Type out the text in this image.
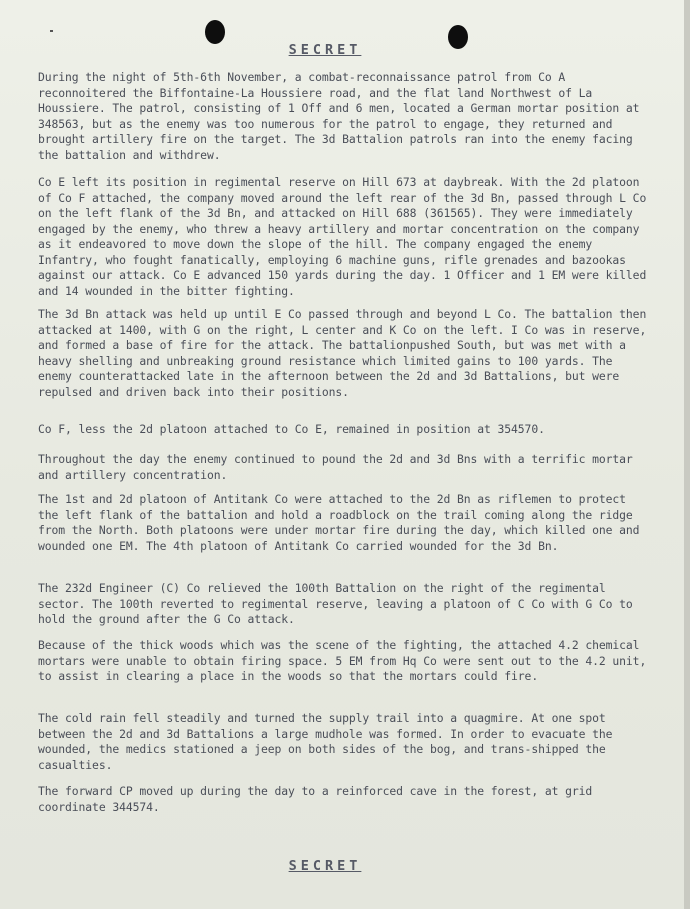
SECRET

During the night of 5th-6th November, a combat-reconnaissance patrol from Co A reconnoitered the Biffontaine-La Houssiere road, and the flat land Northwest of La Houssiere. The patrol, consisting of 1 Off and 6 men, located a German mortar position at 348563, but as the enemy was too numerous for the patrol to engage, they returned and brought artillery fire on the target. The 3d Battalion patrols ran into the enemy facing the battalion and withdrew.

Co E left its position in regimental reserve on Hill 673 at daybreak. With the 2d platoon of Co F attached, the company moved around the left rear of the 3d Bn, passed through L Co on the left flank of the 3d Bn, and attacked on Hill 688 (361565). They were immediately engaged by the enemy, who threw a heavy artillery and mortar concentration on the company as it endeavored to move down the slope of the hill. The company engaged the enemy Infantry, who fought fanatically, employing 6 machine guns, rifle grenades and bazookas against our attack. Co E advanced 150 yards during the day. 1 Officer and 1 EM were killed and 14 wounded in the bitter fighting.

The 3d Bn attack was held up until E Co passed through and beyond L Co. The battalion then attacked at 1400, with G on the right, L center and K Co on the left. I Co was in reserve, and formed a base of fire for the attack. The battalionpushed South, but was met with a heavy shelling and unbreaking ground resistance which limited gains to 100 yards. The enemy counterattacked late in the afternoon between the 2d and 3d Battalions, but were repulsed and driven back into their positions.

Co F, less the 2d platoon attached to Co E, remained in position at 354570.

Throughout the day the enemy continued to pound the 2d and 3d Bns with a terrific mortar and artillery concentration.

The 1st and 2d platoon of Antitank Co were attached to the 2d Bn as riflemen to protect the left flank of the battalion and hold a roadblock on the trail coming along the ridge from the North. Both platoons were under mortar fire during the day, which killed one and wounded one EM. The 4th platoon of Antitank Co carried wounded for the 3d Bn.

The 232d Engineer (C) Co relieved the 100th Battalion on the right of the regimental sector. The 100th reverted to regimental reserve, leaving a platoon of C Co with G Co to hold the ground after the G Co attack.

Because of the thick woods which was the scene of the fighting, the attached 4.2 chemical mortars were unable to obtain firing space. 5 EM from Hq Co were sent out to the 4.2 unit, to assist in clearing a place in the woods so that the mortars could fire.

The cold rain fell steadily and turned the supply trail into a quagmire. At one spot between the 2d and 3d Battalions a large mudhole was formed. In order to evacuate the wounded, the medics stationed a jeep on both sides of the bog, and trans-shipped the casualties.

The forward CP moved up during the day to a reinforced cave in the forest, at grid coordinate 344574.

SECRET
